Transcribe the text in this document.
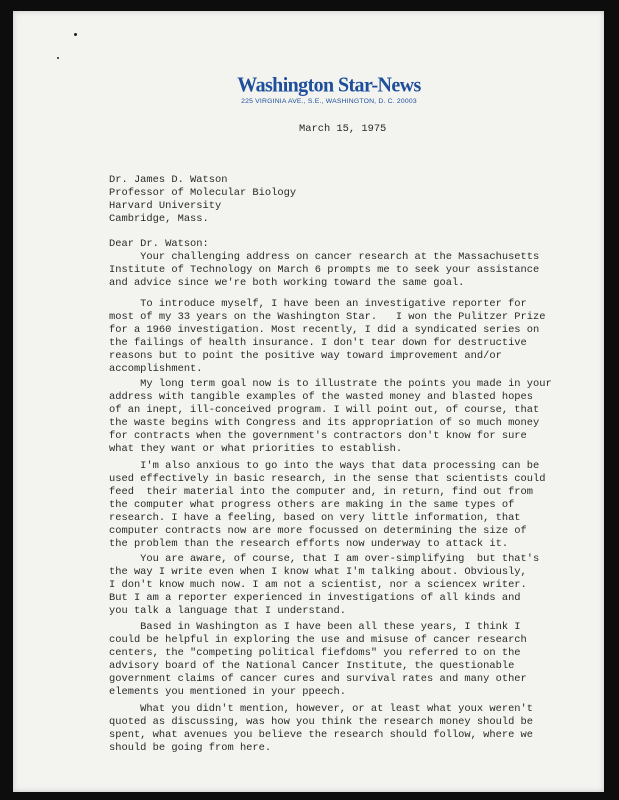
Washington Star-News
225 VIRGINIA AVE., S.E., WASHINGTON, D. C. 20003
March 15, 1975
Dr. James D. Watson
Professor of Molecular Biology
Harvard University
Cambridge, Mass.
Dear Dr. Watson:
Your challenging address on cancer research at the Massachusetts
Institute of Technology on March 6 prompts me to seek your assistance
and advice since we're both working toward the same goal.
To introduce myself, I have been an investigative reporter for
most of my 33 years on the Washington Star.   I won the Pulitzer Prize
for a 1960 investigation. Most recently, I did a syndicated series on
the failings of health insurance. I don't tear down for destructive
reasons but to point the positive way toward improvement and/or
accomplishment.
My long term goal now is to illustrate the points you made in your
address with tangible examples of the wasted money and blasted hopes
of an inept, ill-conceived program. I will point out, of course, that
the waste begins with Congress and its appropriation of so much money
for contracts when the government's contractors don't know for sure
what they want or what priorities to establish.
I'm also anxious to go into the ways that data processing can be
used effectively in basic research, in the sense that scientists could
feed  their material into the computer and, in return, find out from
the computer what progress others are making in the same types of
research. I have a feeling, based on very little information, that
computer contracts now are more focussed on determining the size of
the problem than the research efforts now underway to attack it.
You are aware, of course, that I am over-simplifying  but that's
the way I write even when I know what I'm talking about. Obviously,
I don't know much now. I am not a scientist, nor a sciencex writer.
But I am a reporter experienced in investigations of all kinds and
you talk a language that I understand.
Based in Washington as I have been all these years, I think I
could be helpful in exploring the use and misuse of cancer research
centers, the "competing political fiefdoms" you referred to on the
advisory board of the National Cancer Institute, the questionable
government claims of cancer cures and survival rates and many other
elements you mentioned in your ppeech.
What you didn't mention, however, or at least what youx weren't
quoted as discussing, was how you think the research money should be
spent, what avenues you believe the research should follow, where we
should be going from here.
